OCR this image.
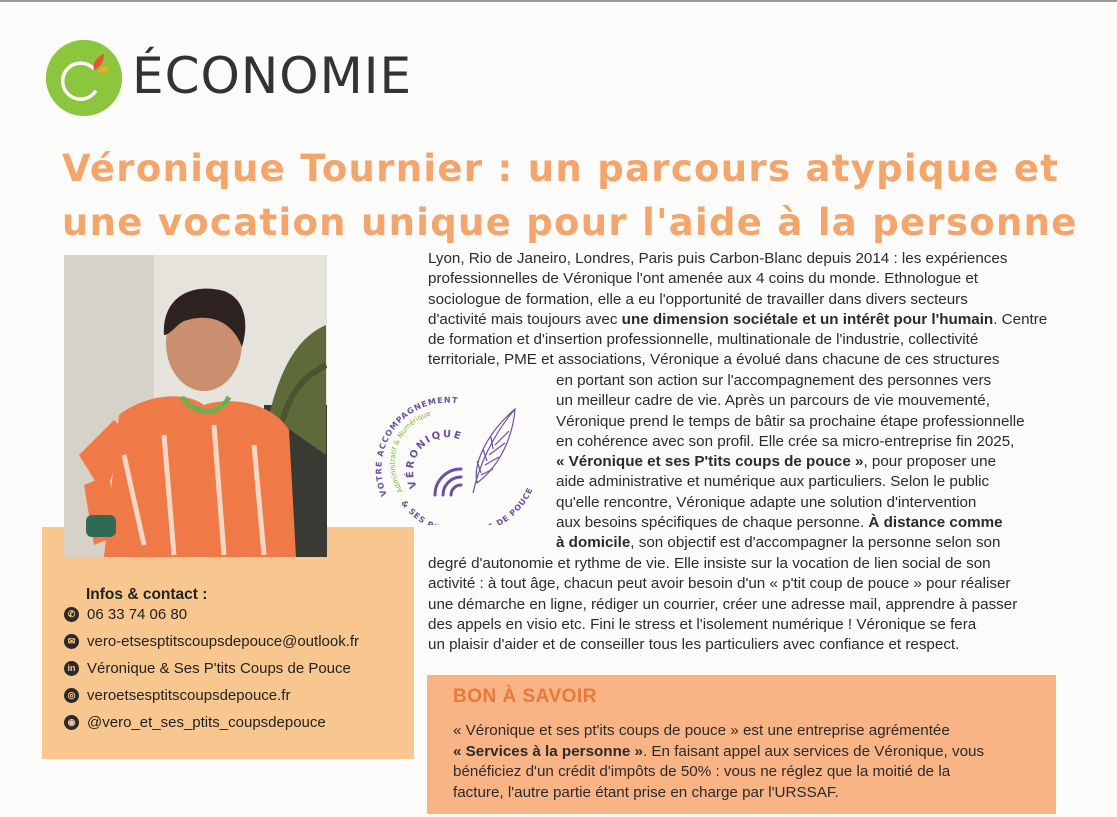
ÉCONOMIE
Véronique Tournier : un parcours atypique et
une vocation unique pour l'aide à la personne
Infos & contact :
✆ 06 33 74 06 80
✉ vero-etsesptitscoupsdepouce@outlook.fr
in Véronique & Ses P'tits Coups de Pouce
◎ veroetsesptitscoupsdepouce.fr
◉ @vero_et_ses_ptits_coupsdepouce
Lyon, Rio de Janeiro, Londres, Paris puis Carbon-Blanc depuis 2014 : les expériences
professionnelles de Véronique l'ont amenée aux 4 coins du monde. Ethnologue et
sociologue de formation, elle a eu l'opportunité de travailler dans divers secteurs
d'activité mais toujours avec une dimension sociétale et un intérêt pour l'humain. Centre
de formation et d'insertion professionnelle, multinationale de l'industrie, collectivité
territoriale, PME et associations, Véronique a évolué dans chacune de ces structures
en portant son action sur l'accompagnement des personnes vers
un meilleur cadre de vie. Après un parcours de vie mouvementé,
Véronique prend le temps de bâtir sa prochaine étape professionnelle
en cohérence avec son profil. Elle crée sa micro-entreprise fin 2025,
« Véronique et ses P'tits coups de pouce », pour proposer une
aide administrative et numérique aux particuliers. Selon le public
qu'elle rencontre, Véronique adapte une solution d'intervention
aux besoins spécifiques de chaque personne. À distance comme
à domicile, son objectif est d'accompagner la personne selon son
degré d'autonomie et rythme de vie. Elle insiste sur la vocation de lien social de son
activité : à tout âge, chacun peut avoir besoin d'un « p'tit coup de pouce » pour réaliser
une démarche en ligne, rédiger un courrier, créer une adresse mail, apprendre à passer
des appels en visio etc. Fini le stress et l'isolement numérique ! Véronique se fera
un plaisir d'aider et de conseiller tous les particuliers avec confiance et respect.
VOTRE ACCOMPAGNEMENT
Administratif & Numérique
VÉRONIQUE
& SES P DE POUC
BON À SAVOIR
« Véronique et ses pt'its coups de pouce » est une entreprise agrémentée
« Services à la personne ». En faisant appel aux services de Véronique, vous
bénéficiez d'un crédit d'impôts de 50% : vous ne réglez que la moitié de la
facture, l'autre partie étant prise en charge par l'URSSAF.
